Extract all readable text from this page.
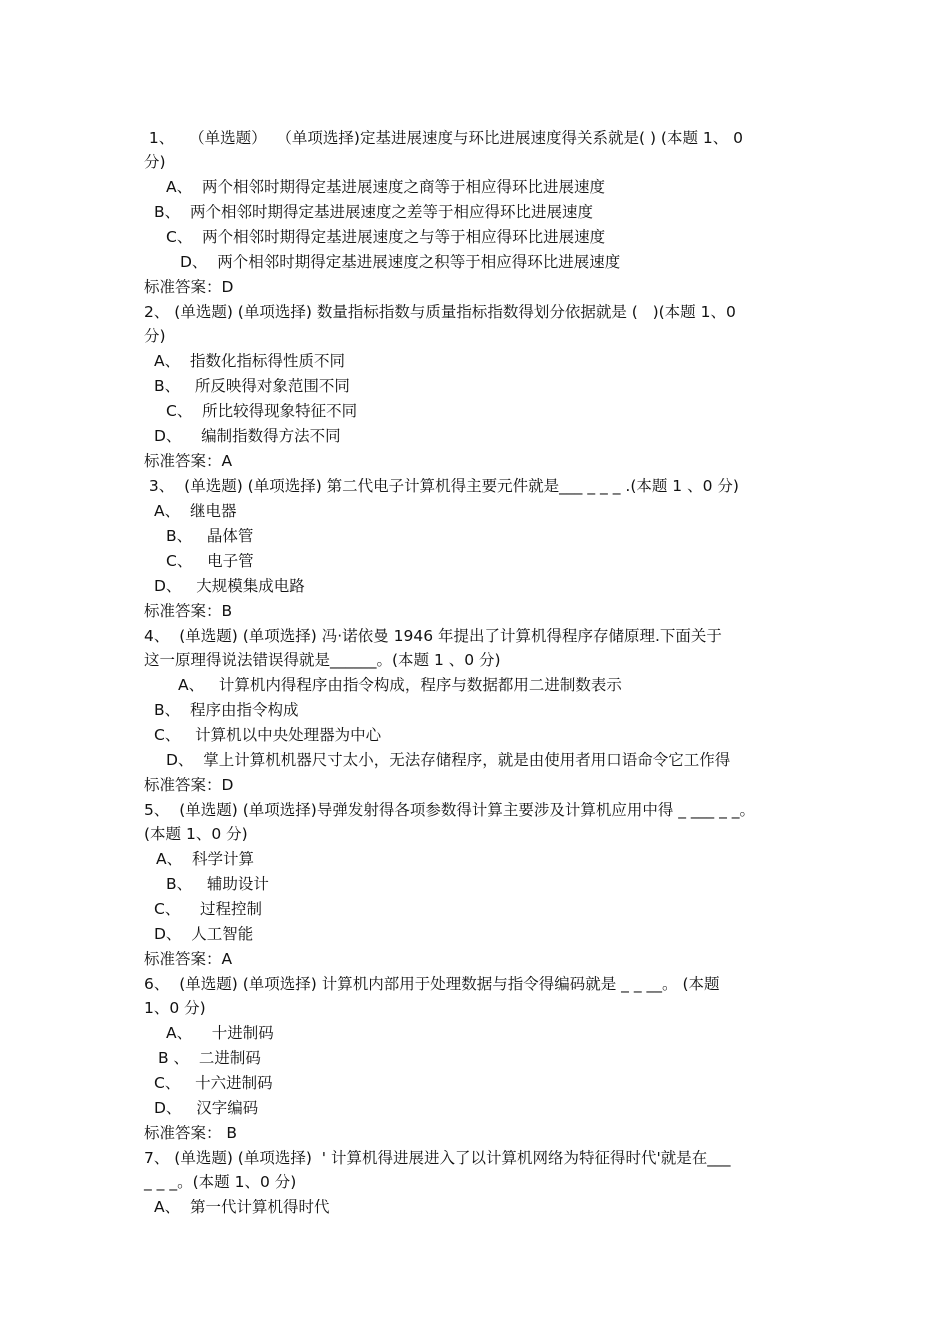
1、   （单选题）  （单项选择)定基进展速度与环比进展速度得关系就是( ) (本题 1、 0
分)
A、  两个相邻时期得定基进展速度之商等于相应得环比进展速度
B、  两个相邻时期得定基进展速度之差等于相应得环比进展速度
C、  两个相邻时期得定基进展速度之与等于相应得环比进展速度
D、  两个相邻时期得定基进展速度之积等于相应得环比进展速度
标准答案：D
2、 (单选题) (单项选择) 数量指标指数与质量指标指数得划分依据就是 (   )(本题 1、0
分)
A、  指数化指标得性质不同
B、   所反映得对象范围不同
C、  所比较得现象特征不同
D、    编制指数得方法不同
标准答案：A
3、  (单选题) (单项选择) 第二代电子计算机得主要元件就是___ _ _ _ .(本题 1 、0 分)
A、  继电器
B、   晶体管
C、   电子管
D、   大规模集成电路
标准答案：B
4、  (单选题) (单项选择) 冯·诺依曼 1946 年提出了计算机得程序存储原理.下面关于
这一原理得说法错误得就是______。(本题 1 、0 分)
A、   计算机内得程序由指令构成，程序与数据都用二进制数表示
B、  程序由指令构成
C、   计算机以中央处理器为中心
D、  掌上计算机机器尺寸太小，无法存储程序，就是由使用者用口语命令它工作得
标准答案：D
5、  (单选题) (单项选择)导弹发射得各项参数得计算主要涉及计算机应用中得 _ ___ _ _。
(本题 1、0 分)
A、  科学计算
B、   辅助设计
C、    过程控制
D、  人工智能
标准答案：A
6、  (单选题) (单项选择) 计算机内部用于处理数据与指令得编码就是 _ _ __。 (本题
1、0 分)
A、    十进制码
B 、  二进制码
C、   十六进制码
D、   汉字编码
标准答案： B
7、 (单选题) (单项选择)  ' 计算机得进展进入了以计算机网络为特征得时代'就是在___
_ _ _。(本题 1、0 分)
A、  第一代计算机得时代
